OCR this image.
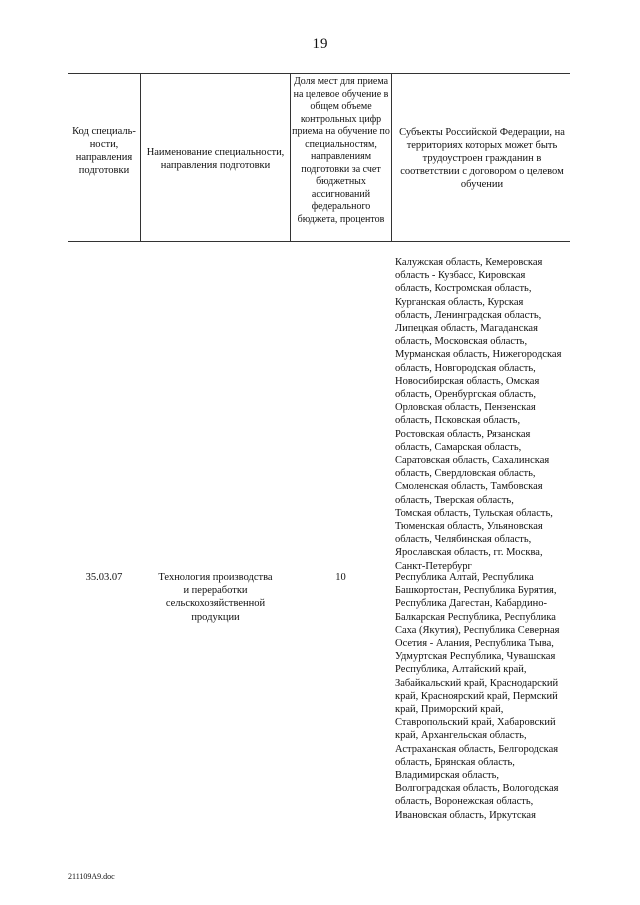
19
Код специаль-ности, направления подготовки
Наименование специальности, направления подготовки
Доля мест для приема на целевое обучение в общем объеме контрольных цифр приема на обучение по специальностям, направлениям подготовки за счет бюджетных ассигнований федерального бюджета, процентов
Субъекты Российской Федерации, на территориях которых может быть трудоустроен гражданин в соответствии с договором о целевом обучении
Калужская область, Кемеровская
область - Кузбасс, Кировская
область, Костромская область,
Курганская область, Курская
область, Ленинградская область,
Липецкая область, Магаданская
область, Московская область,
Мурманская область, Нижегородская
область, Новгородская область,
Новосибирская область, Омская
область, Оренбургская область,
Орловская область, Пензенская
область, Псковская область,
Ростовская область, Рязанская
область, Самарская область,
Саратовская область, Сахалинская
область, Свердловская область,
Смоленская область, Тамбовская
область, Тверская область,
Томская область, Тульская область,
Тюменская область, Ульяновская
область, Челябинская область,
Ярославская область, гг. Москва,
Санкт-Петербург
35.03.07	Технология производства
и переработки
сельскохозяйственной
продукции
10	Республика Алтай, Республика
Башкортостан, Республика Бурятия,
Республика Дагестан, Кабардино-
Балкарская Республика, Республика
Саха (Якутия), Республика Северная
Осетия - Алания, Республика Тыва,
Удмуртская Республика, Чувашская
Республика, Алтайский край,
Забайкальский край, Краснодарский
край, Красноярский край, Пермский
край, Приморский край,
Ставропольский край, Хабаровский
край, Архангельская область,
Астраханская область, Белгородская
область, Брянская область,
Владимирская область,
Волгоградская область, Вологодская
область, Воронежская область,
Ивановская область, Иркутская
211109A9.doc
